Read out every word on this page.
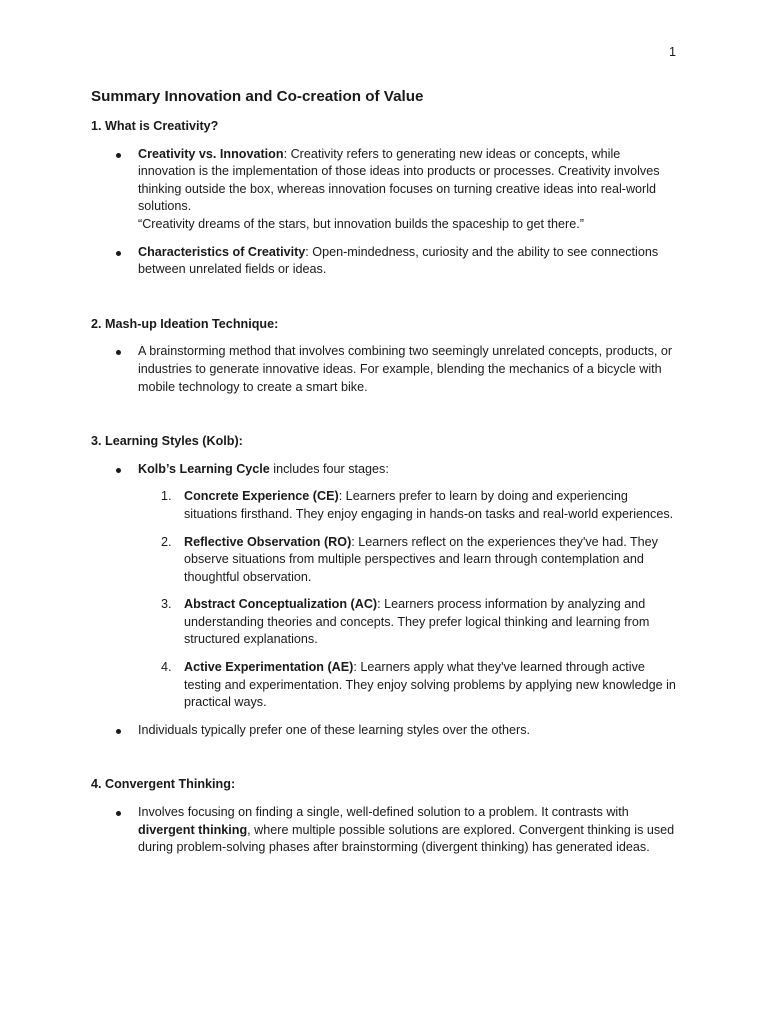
1
Summary Innovation and Co-creation of Value
1. What is Creativity?
Creativity vs. Innovation: Creativity refers to generating new ideas or concepts, while innovation is the implementation of those ideas into products or processes. Creativity involves thinking outside the box, whereas innovation focuses on turning creative ideas into real-world solutions.
“Creativity dreams of the stars, but innovation builds the spaceship to get there.”
Characteristics of Creativity: Open-mindedness, curiosity and the ability to see connections between unrelated fields or ideas.
2. Mash-up Ideation Technique:
A brainstorming method that involves combining two seemingly unrelated concepts, products, or industries to generate innovative ideas. For example, blending the mechanics of a bicycle with mobile technology to create a smart bike.
3. Learning Styles (Kolb):
Kolb’s Learning Cycle includes four stages:
1. Concrete Experience (CE): Learners prefer to learn by doing and experiencing situations firsthand. They enjoy engaging in hands-on tasks and real-world experiences.
2. Reflective Observation (RO): Learners reflect on the experiences they've had. They observe situations from multiple perspectives and learn through contemplation and thoughtful observation.
3. Abstract Conceptualization (AC): Learners process information by analyzing and understanding theories and concepts. They prefer logical thinking and learning from structured explanations.
4. Active Experimentation (AE): Learners apply what they've learned through active testing and experimentation. They enjoy solving problems by applying new knowledge in practical ways.
Individuals typically prefer one of these learning styles over the others.
4. Convergent Thinking:
Involves focusing on finding a single, well-defined solution to a problem. It contrasts with divergent thinking, where multiple possible solutions are explored. Convergent thinking is used during problem-solving phases after brainstorming (divergent thinking) has generated ideas.
